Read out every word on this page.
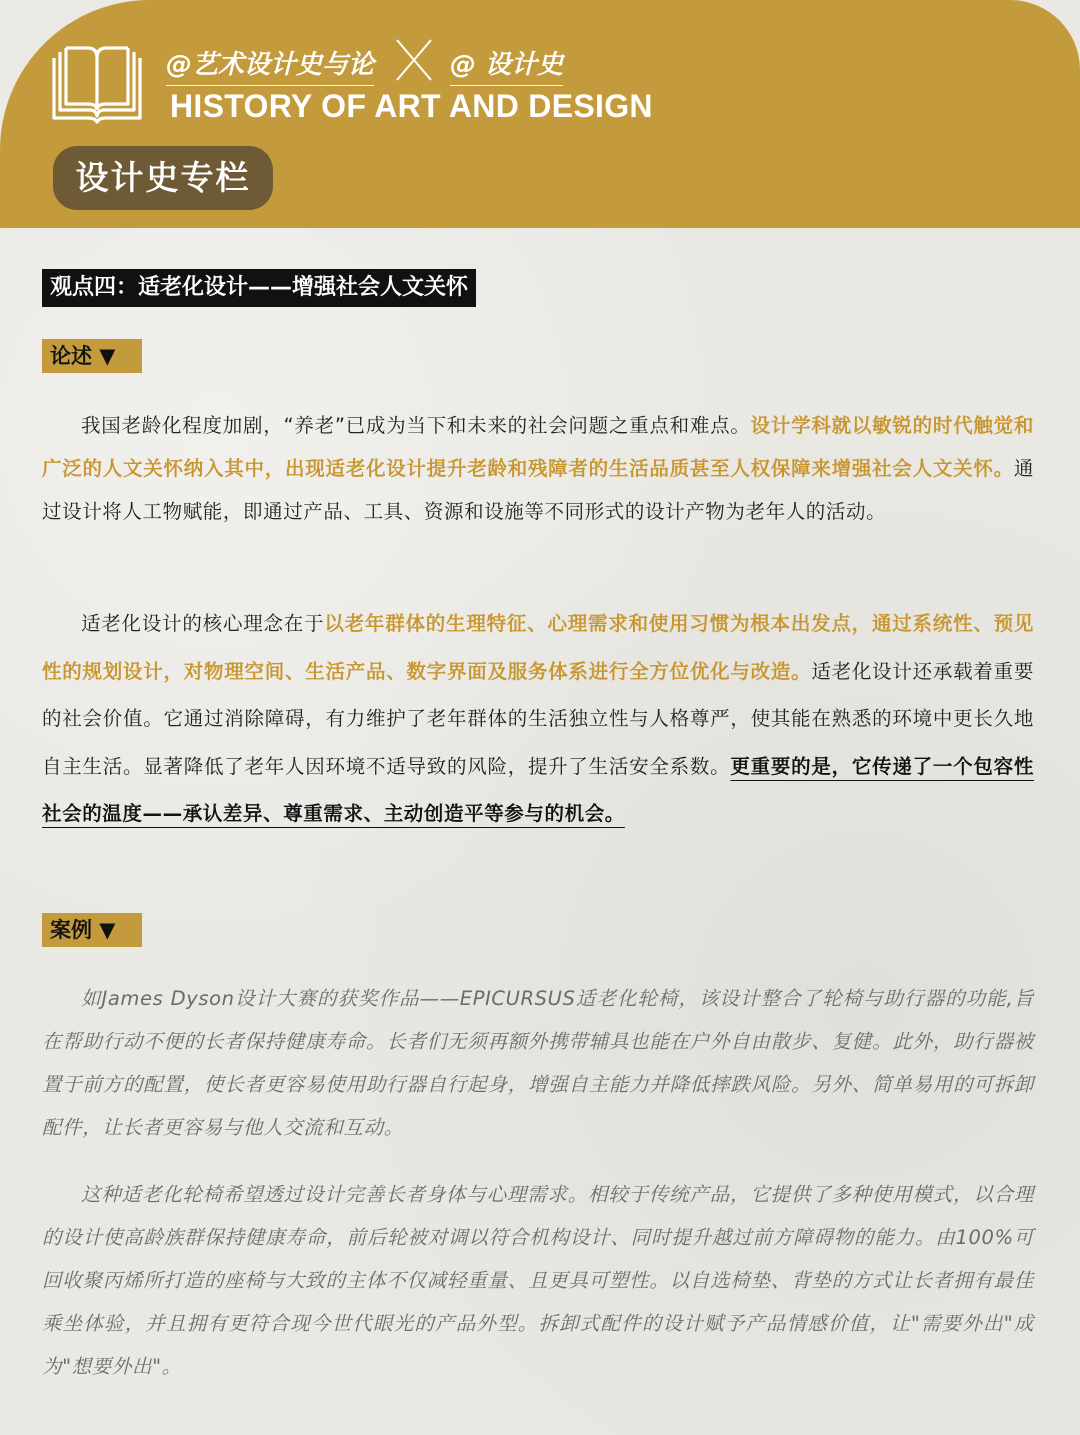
@艺术设计史与论	@ 设计史
HISTORY OF ART AND DESIGN
设计史专栏
观点四：适老化设计——增强社会人文关怀
论述 ▼

我国老龄化程度加剧，“养老”已成为当下和未来的社会问题之重点和难点。设计学科就以敏锐的时代触觉和广泛的人文关怀纳入其中，出现适老化设计提升老龄和残障者的生活品质甚至人权保障来增强社会人文关怀。通过设计将人工物赋能，即通过产品、工具、资源和设施等不同形式的设计产物为老年人的活动。

适老化设计的核心理念在于以老年群体的生理特征、心理需求和使用习惯为根本出发点，通过系统性、预见性的规划设计，对物理空间、生活产品、数字界面及服务体系进行全方位优化与改造。适老化设计还承载着重要的社会价值。它通过消除障碍，有力维护了老年群体的生活独立性与人格尊严，使其能在熟悉的环境中更长久地自主生活。显著降低了老年人因环境不适导致的风险，提升了生活安全系数。更重要的是，它传递了一个包容性社会的温度——承认差异、尊重需求、主动创造平等参与的机会。

案例 ▼

如James Dyson设计大赛的获奖作品——EPICURSUS适老化轮椅，该设计整合了轮椅与助行器的功能,旨在帮助行动不便的长者保持健康寿命。长者们无须再额外携带辅具也能在户外自由散步、复健。此外，助行器被置于前方的配置，使长者更容易使用助行器自行起身，增强自主能力并降低摔跌风险。另外、简单易用的可拆卸配件，让长者更容易与他人交流和互动。

这种适老化轮椅希望透过设计完善长者身体与心理需求。相较于传统产品，它提供了多种使用模式，以合理的设计使高龄族群保持健康寿命，前后轮被对调以符合机构设计、同时提升越过前方障碍物的能力。由100%可回收聚丙烯所打造的座椅与大致的主体不仅减轻重量、且更具可塑性。以自选椅垫、背垫的方式让长者拥有最佳乘坐体验，并且拥有更符合现今世代眼光的产品外型。拆卸式配件的设计赋予产品情感价值，让"需要外出"成为"想要外出"。
